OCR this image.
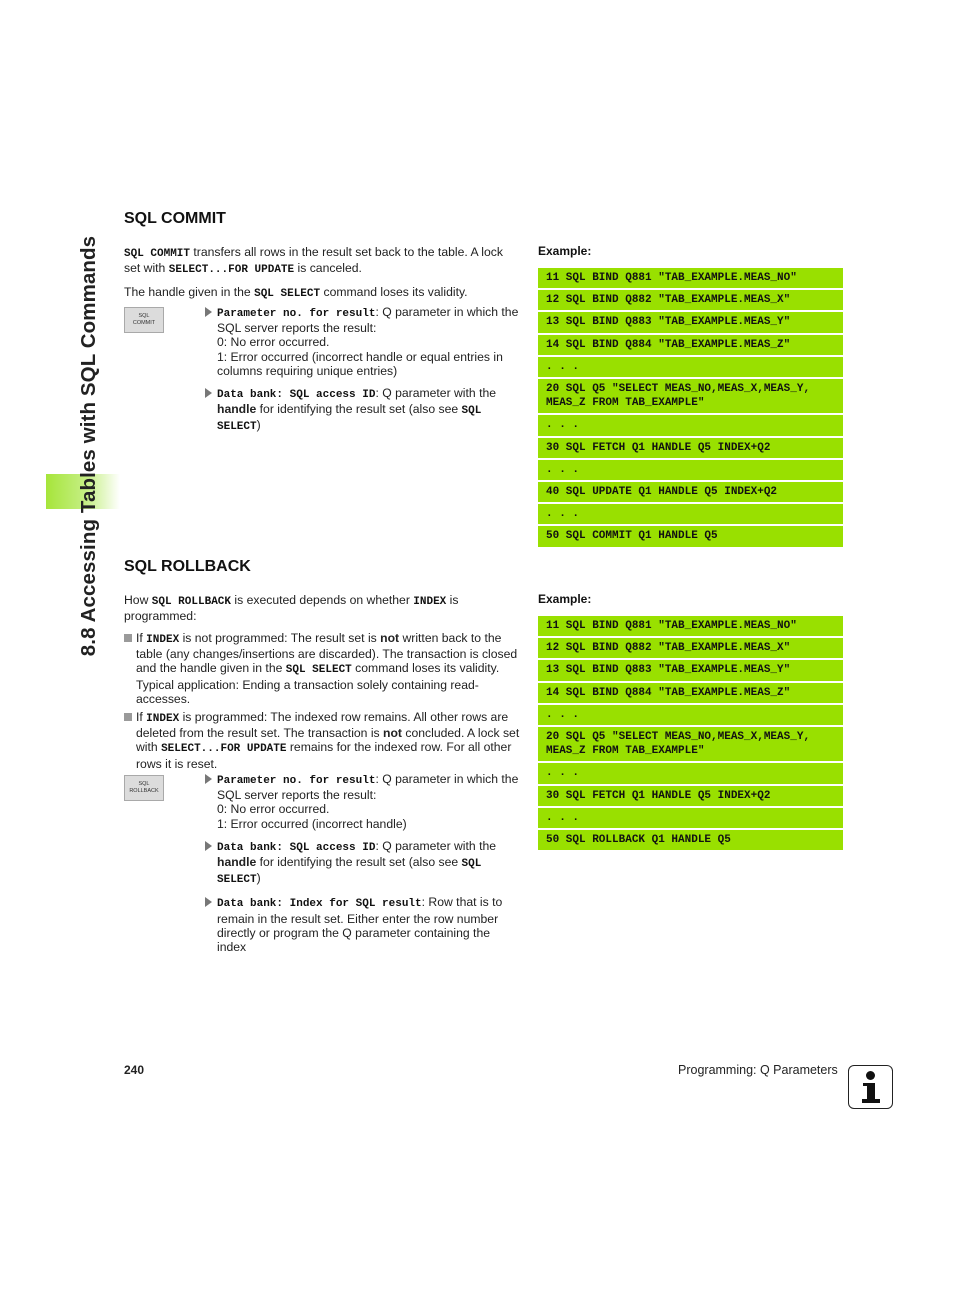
8.8 Accessing Tables with SQL Commands
SQL COMMIT

SQL COMMIT transfers all rows in the result set back to the table. A lock set with SELECT...FOR UPDATE is canceled.

The handle given in the SQL SELECT command loses its validity.

SQL
COMMIT
Parameter no. for result: Q parameter in which the SQL server reports the result:
0: No error occurred.
1: Error occurred (incorrect handle or equal entries in columns requiring unique entries)
Data bank: SQL access ID: Q parameter with the handle for identifying the result set (also see SQL SELECT)
Example:
11 SQL BIND Q881 "TAB_EXAMPLE.MEAS_NO"
12 SQL BIND Q882 "TAB_EXAMPLE.MEAS_X"
13 SQL BIND Q883 "TAB_EXAMPLE.MEAS_Y"
14 SQL BIND Q884 "TAB_EXAMPLE.MEAS_Z"
. . .
20 SQL Q5 "SELECT MEAS_NO,MEAS_X,MEAS_Y,
MEAS_Z FROM TAB_EXAMPLE"
. . .
30 SQL FETCH Q1 HANDLE Q5 INDEX+Q2
. . .
40 SQL UPDATE Q1 HANDLE Q5 INDEX+Q2
. . .
50 SQL COMMIT Q1 HANDLE Q5
SQL ROLLBACK

How SQL ROLLBACK is executed depends on whether INDEX is programmed:

If INDEX is not programmed: The result set is not written back to the table (any changes/insertions are discarded). The transaction is closed and the handle given in the SQL SELECT command loses its validity. Typical application: Ending a transaction solely containing read-accesses.
If INDEX is programmed: The indexed row remains. All other rows are deleted from the result set. The transaction is not concluded. A lock set with SELECT...FOR UPDATE remains for the indexed row. For all other rows it is reset.
SQL
ROLLBACK
Parameter no. for result: Q parameter in which the SQL server reports the result:
0: No error occurred.
1: Error occurred (incorrect handle)
Data bank: SQL access ID: Q parameter with the handle for identifying the result set (also see SQL SELECT)
Data bank: Index for SQL result: Row that is to remain in the result set. Either enter the row number directly or program the Q parameter containing the index
Example:
11 SQL BIND Q881 "TAB_EXAMPLE.MEAS_NO"
12 SQL BIND Q882 "TAB_EXAMPLE.MEAS_X"
13 SQL BIND Q883 "TAB_EXAMPLE.MEAS_Y"
14 SQL BIND Q884 "TAB_EXAMPLE.MEAS_Z"
. . .
20 SQL Q5 "SELECT MEAS_NO,MEAS_X,MEAS_Y,
MEAS_Z FROM TAB_EXAMPLE"
. . .
30 SQL FETCH Q1 HANDLE Q5 INDEX+Q2
. . .
50 SQL ROLLBACK Q1 HANDLE Q5
240	Programming: Q Parameters
